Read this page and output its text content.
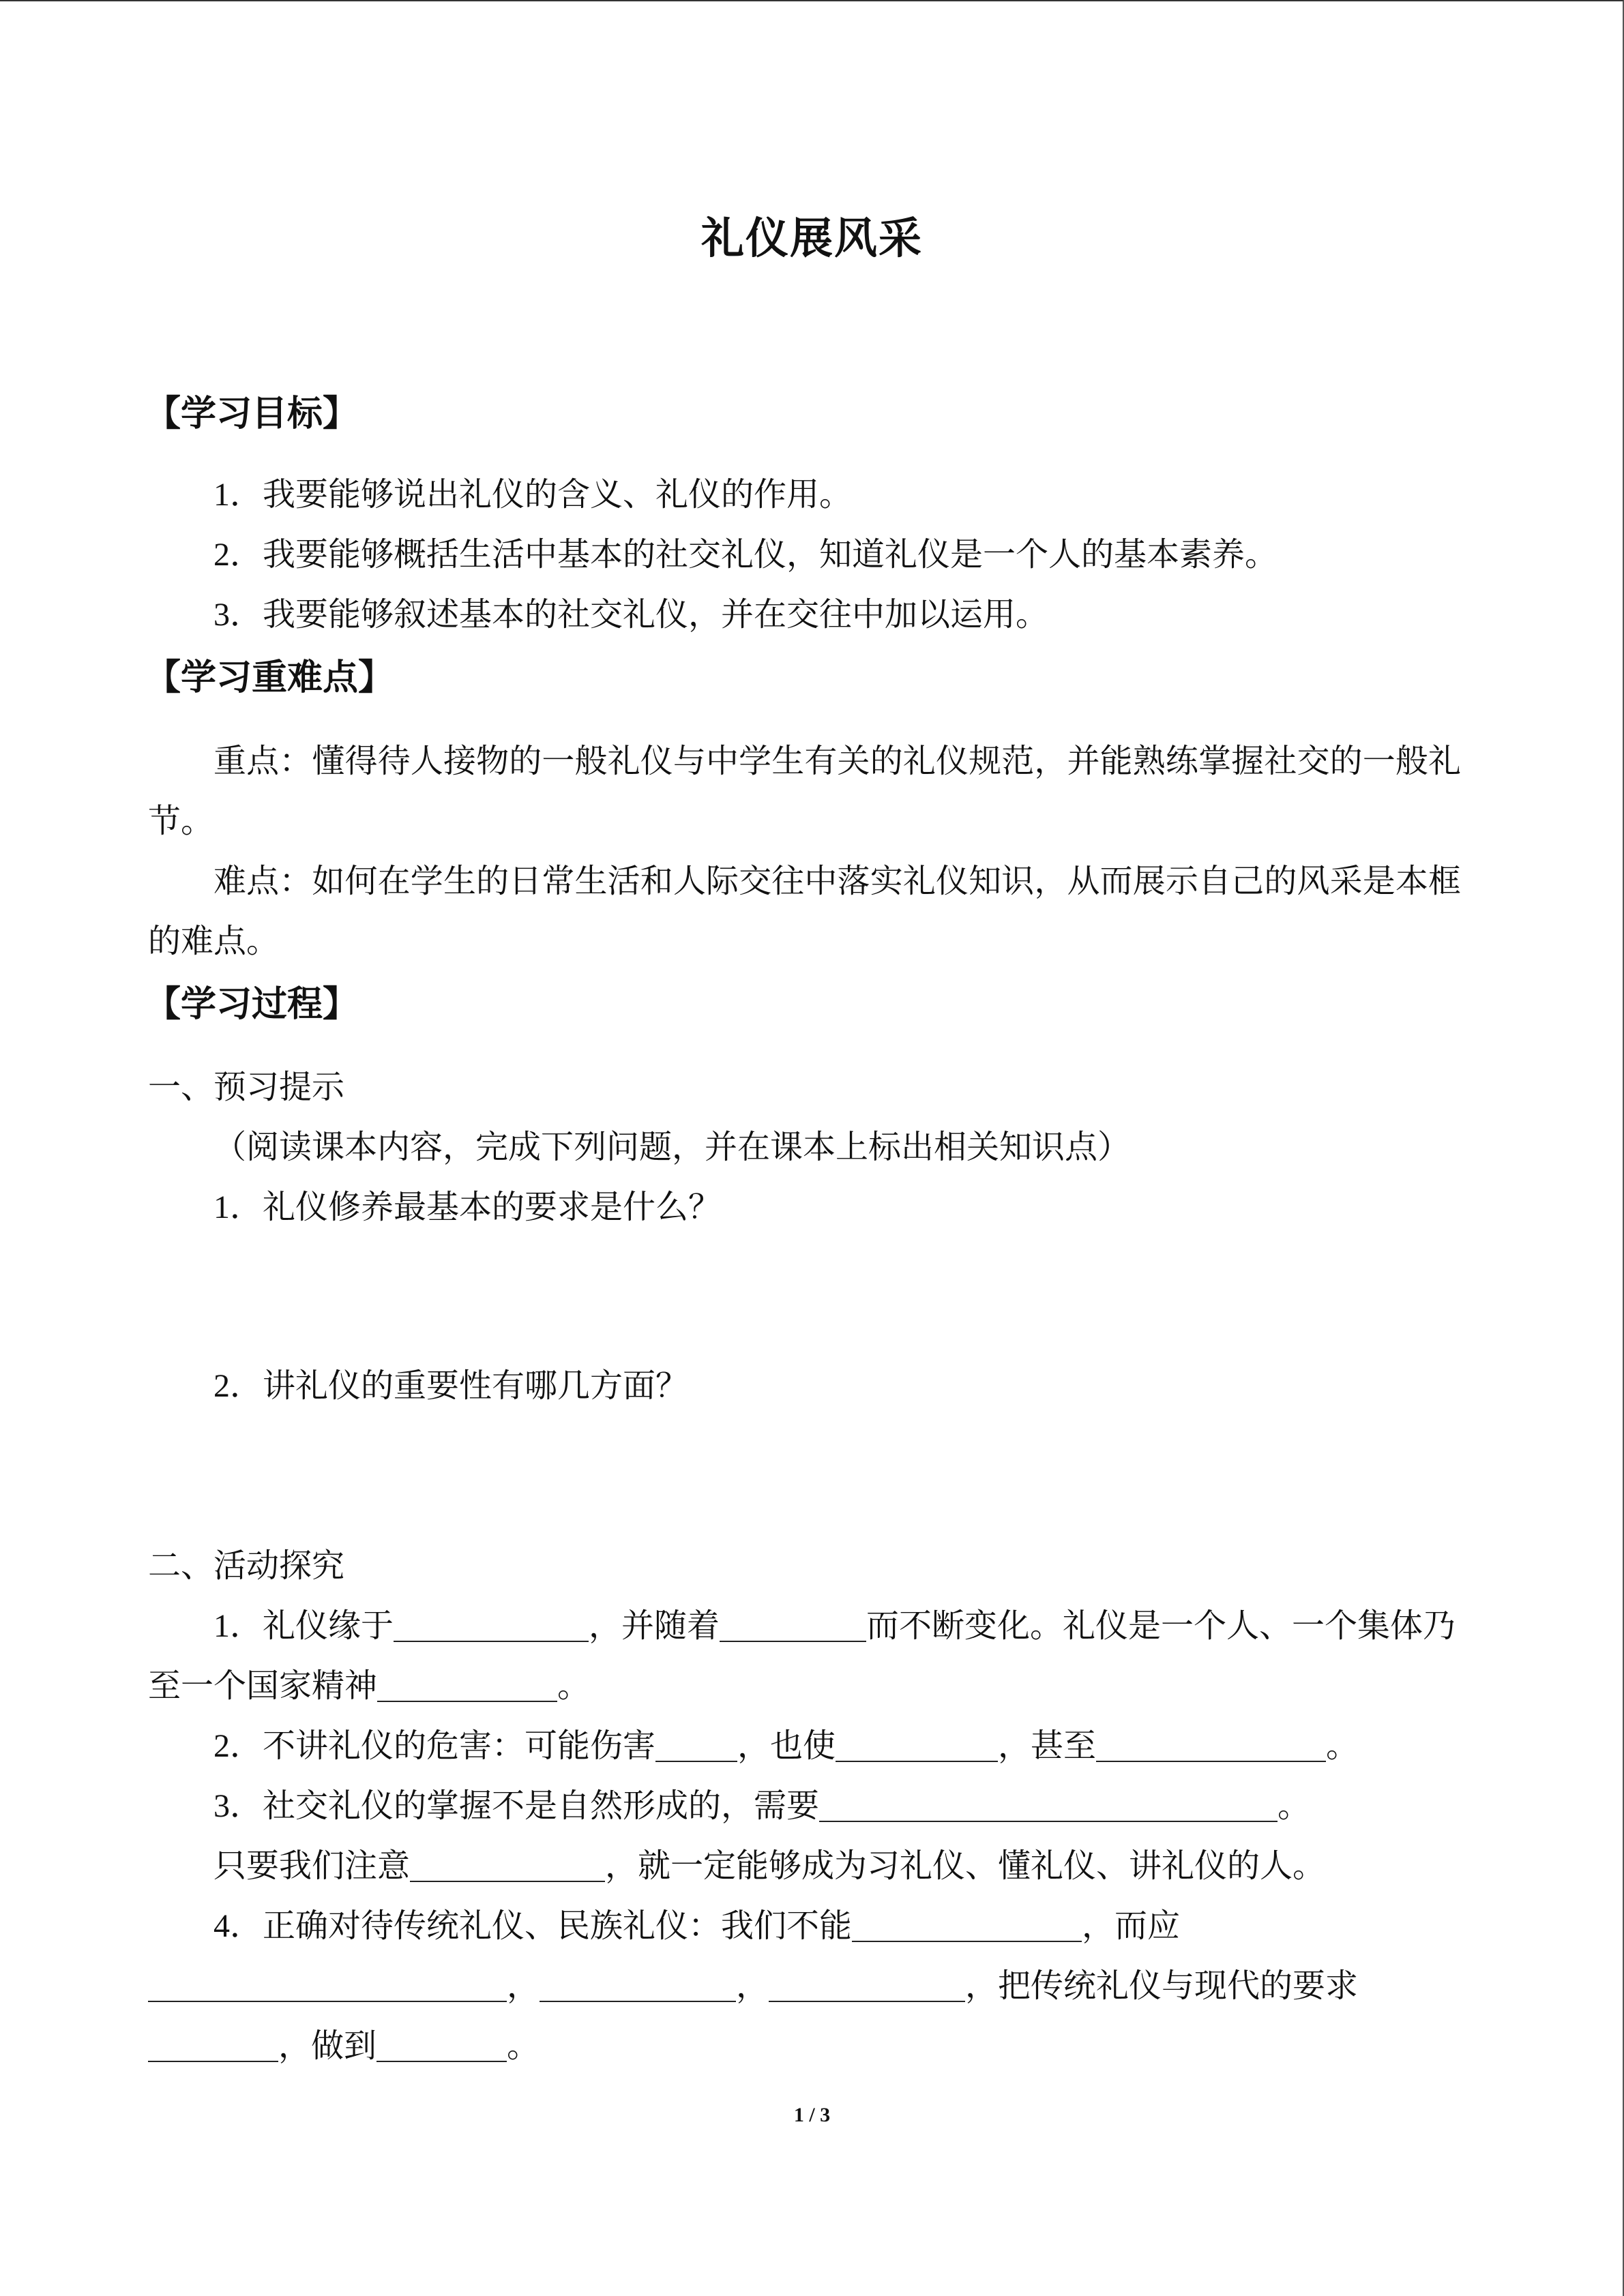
礼仪展风采
【学习目标】
1．我要能够说出礼仪的含义、礼仪的作用。
2．我要能够概括生活中基本的社交礼仪，知道礼仪是一个人的基本素养。
3．我要能够叙述基本的社交礼仪，并在交往中加以运用。
【学习重难点】
重点：懂得待人接物的一般礼仪与中学生有关的礼仪规范，并能熟练掌握社交的一般礼节。
难点：如何在学生的日常生活和人际交往中落实礼仪知识，从而展示自己的风采是本框的难点。
【学习过程】
一、预习提示
（阅读课本内容，完成下列问题，并在课本上标出相关知识点）
1．礼仪修养最基本的要求是什么？
2．讲礼仪的重要性有哪几方面？
二、活动探究
1．礼仪缘于	，并随着	而不断变化。礼仪是一个人、一个集体乃
至一个国家精神	。
2．不讲礼仪的危害：可能伤害	，也使	，甚至	。
3．社交礼仪的掌握不是自然形成的，需要	。
只要我们注意	，就一定能够成为习礼仪、懂礼仪、讲礼仪的人。
4．正确对待传统礼仪、民族礼仪：我们不能	，而应
，	，	，把传统礼仪与现代的要求
，做到	。
1 / 3
